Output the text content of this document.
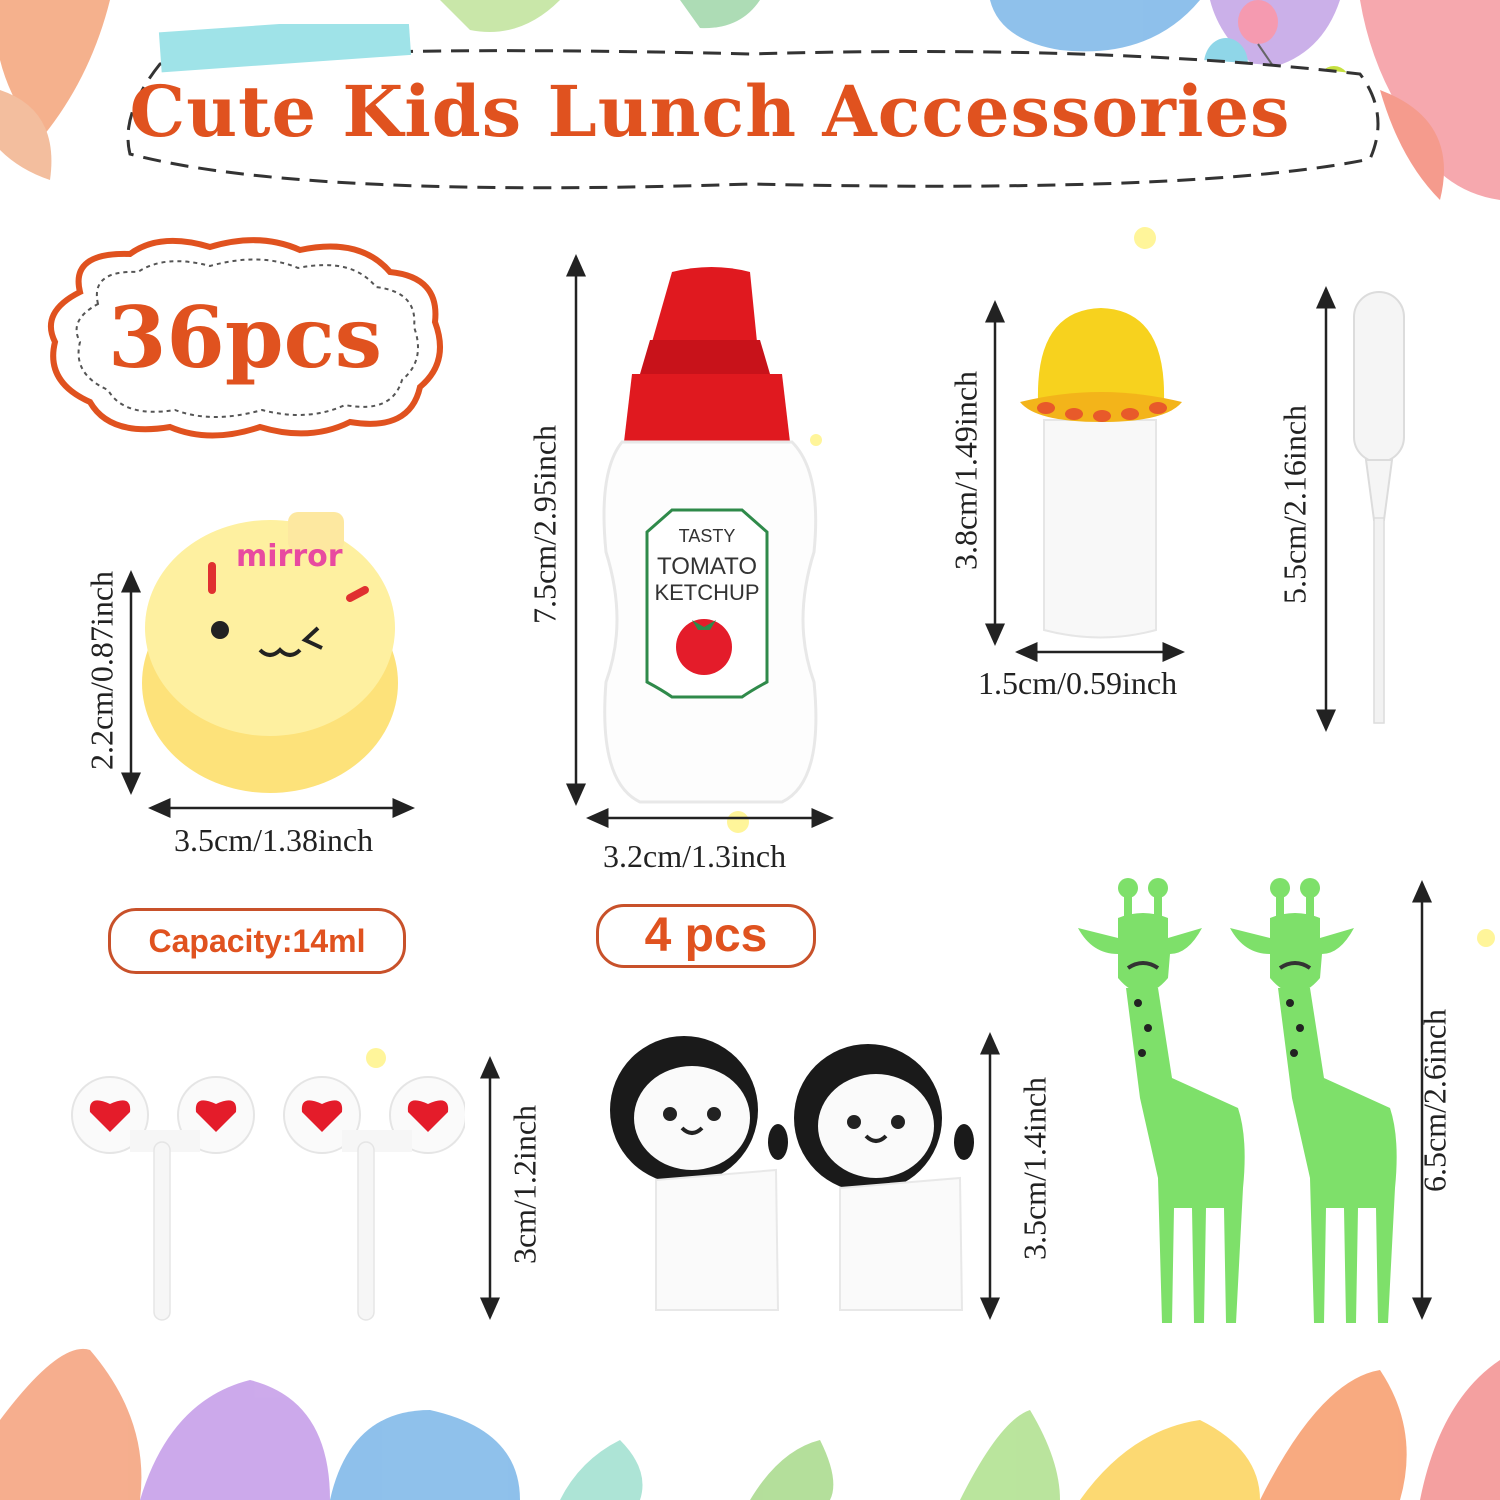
Cute Kids Lunch Accessories
36pcs
mirror
TASTY
TOMATO
KETCHUP
Capacity:14ml	4 pcs
2.2cm/0.87inch
3.5cm/1.38inch
7.5cm/2.95inch
3.2cm/1.3inch
3.8cm/1.49inch
1.5cm/0.59inch
5.5cm/2.16inch
3cm/1.2inch	3.5cm/1.4inch	6.5cm/2.6inch
